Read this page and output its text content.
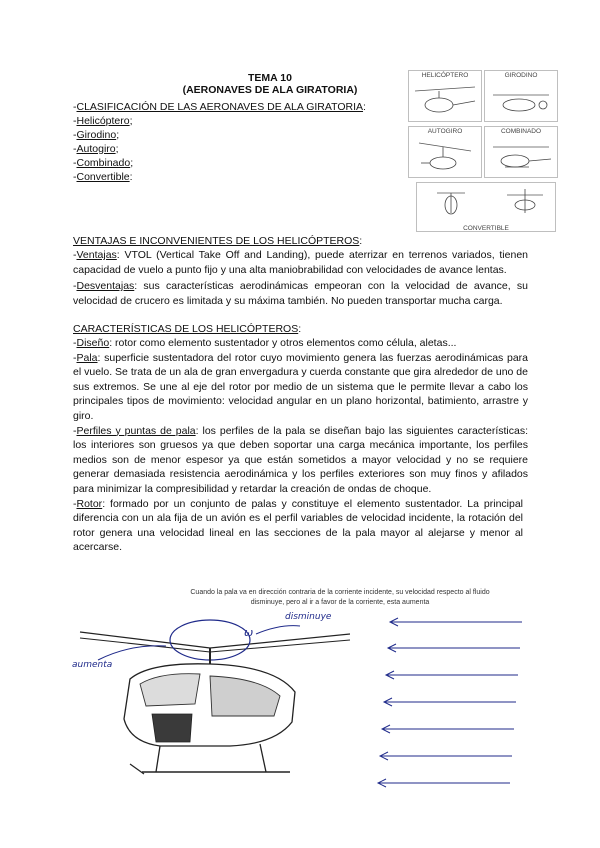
TEMA 10
(AERONAVES DE ALA GIRATORIA)
-CLASIFICACIÓN DE LAS AERONAVES DE ALA GIRATORIA:
-Helicóptero;
-Girodino;
-Autogiro;
-Combinado;
-Convertible:
HELICÓPTERO	GIRODINO
AUTOGIRO	COMBINADO
CONVERTIBLE
VENTAJAS E INCONVENIENTES DE LOS HELICÓPTEROS:
-Ventajas: VTOL (Vertical Take Off and Landing), puede aterrizar en terrenos variados, tienen capacidad de vuelo a punto fijo y una alta maniobrabilidad con velocidades de avance lentas.
-Desventajas: sus características aerodinámicas empeoran con la velocidad de avance, su velocidad de crucero es limitada y su máxima también. No pueden transportar mucha carga.
CARACTERÍSTICAS DE LOS HELICÓPTEROS:
-Diseño: rotor como elemento sustentador y otros elementos como célula, aletas...
-Pala: superficie sustentadora del rotor cuyo movimiento genera las fuerzas aerodinámicas para el vuelo. Se trata de un ala de gran envergadura y cuerda constante que gira alrededor de uno de sus extremos. Se une al eje del rotor por medio de un sistema que le permite llevar a cabo los principales tipos de movimiento: velocidad angular en un plano horizontal, batimiento, arrastre y giro.
-Perfiles y puntas de pala: los perfiles de la pala se diseñan bajo las siguientes características: los interiores son gruesos ya que deben soportar una carga mecánica importante, los perfiles medios son de menor espesor ya que están sometidos a mayor velocidad y no se requiere generar demasiada resistencia aerodinámica y los perfiles exteriores son muy finos y afilados para minimizar la compresibilidad y retardar la creación de ondas de choque.
-Rotor: formado por un conjunto de palas y constituye el elemento sustentador. La principal diferencia con un ala fija de un avión es el perfil variables de velocidad incidente, la rotación del rotor genera una velocidad lineal en las secciones de la pala mayor al alejarse y menor al acercarse.
Cuando la pala va en dirección contraria de la corriente incidente, su velocidad respecto al fluido
disminuye, pero al ir a favor de la corriente, esta aumenta
aumenta
disminuye
ω
